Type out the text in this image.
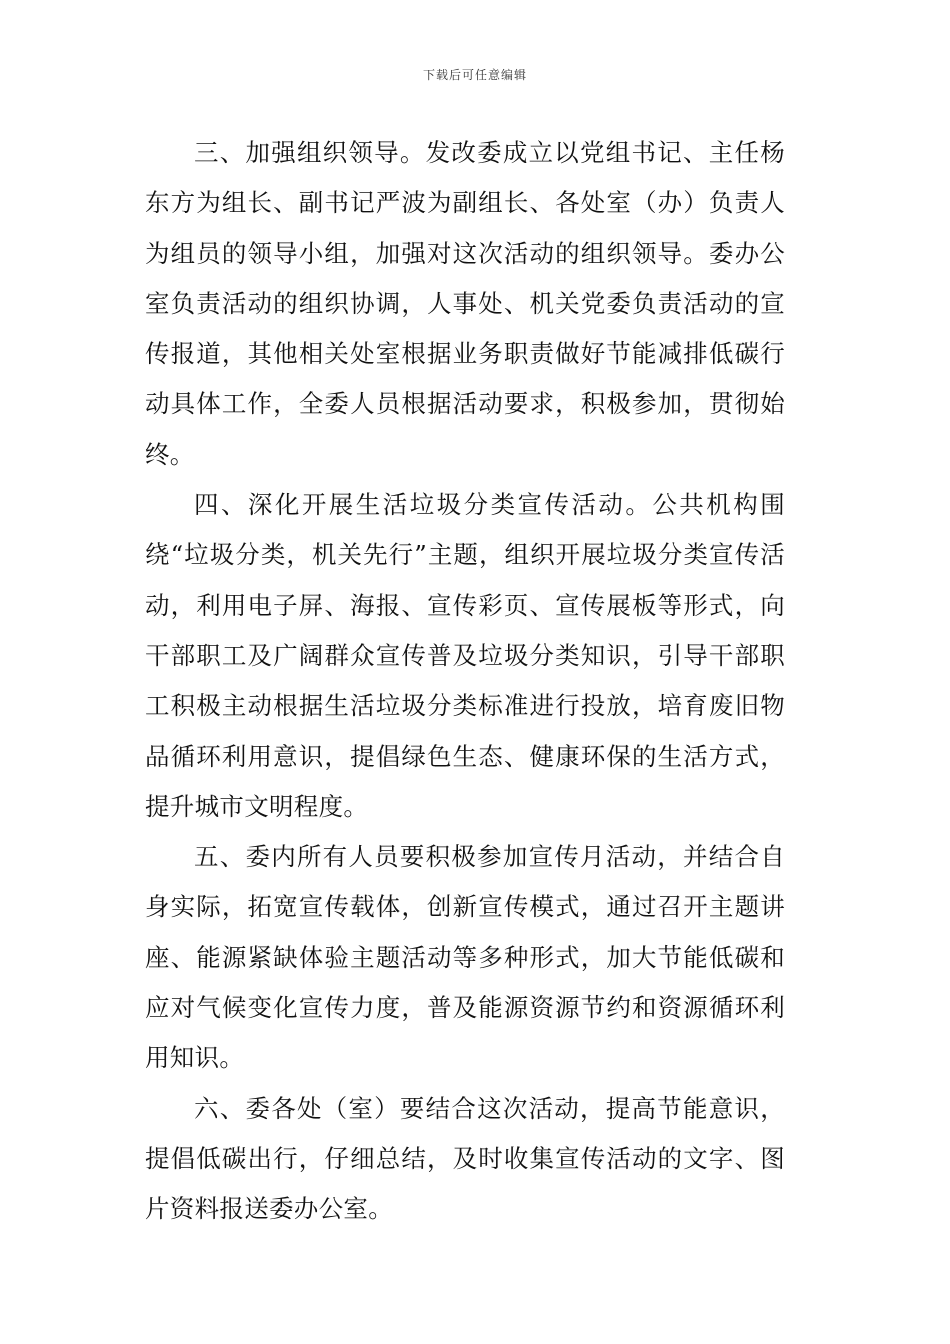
下载后可任意编辑

三、加强组织领导。发改委成立以党组书记、主任杨东方为组长、副书记严波为副组长、各处室（办）负责人为组员的领导小组，加强对这次活动的组织领导。委办公室负责活动的组织协调，人事处、机关党委负责活动的宣传报道，其他相关处室根据业务职责做好节能减排低碳行动具体工作，全委人员根据活动要求，积极参加，贯彻始终。

四、深化开展生活垃圾分类宣传活动。公共机构围绕“垃圾分类，机关先行”主题，组织开展垃圾分类宣传活动，利用电子屏、海报、宣传彩页、宣传展板等形式，向干部职工及广阔群众宣传普及垃圾分类知识，引导干部职工积极主动根据生活垃圾分类标准进行投放，培育废旧物品循环利用意识，提倡绿色生态、健康环保的生活方式，提升城市文明程度。

五、委内所有人员要积极参加宣传月活动，并结合自身实际，拓宽宣传载体，创新宣传模式，通过召开主题讲座、能源紧缺体验主题活动等多种形式，加大节能低碳和应对气候变化宣传力度，普及能源资源节约和资源循环利用知识。

六、委各处（室）要结合这次活动，提高节能意识，提倡低碳出行，仔细总结，及时收集宣传活动的文字、图片资料报送委办公室。
